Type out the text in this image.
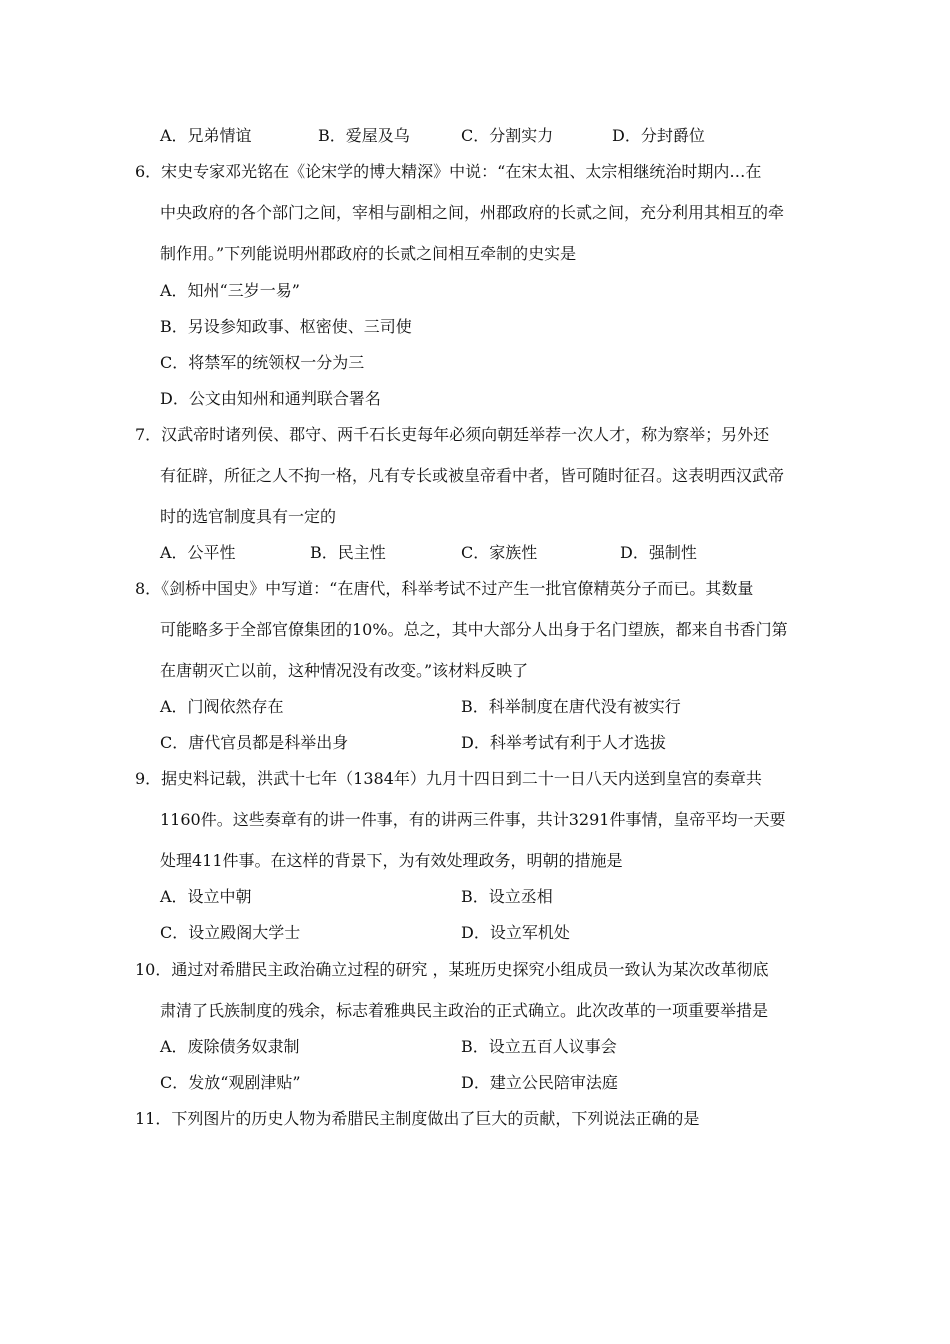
A．兄弟情谊	B．爱屋及乌	C．分割实力	D．分封爵位
6．宋史专家邓光铭在《论宋学的博大精深》中说：“在宋太祖、太宗相继统治时期内…在
中央政府的各个部门之间，宰相与副相之间，州郡政府的长贰之间，充分利用其相互的牵
制作用。”下列能说明州郡政府的长贰之间相互牵制的史实是
A．知州“三岁一易”
B．另设参知政事、枢密使、三司使
C．将禁军的统领权一分为三
D．公文由知州和通判联合署名
7．汉武帝时诸列侯、郡守、两千石长吏每年必须向朝廷举荐一次人才，称为察举；另外还
有征辟，所征之人不拘一格，凡有专长或被皇帝看中者，皆可随时征召。这表明西汉武帝
时的选官制度具有一定的
A．公平性	B．民主性	C．家族性	D．强制性
8．《剑桥中国史》中写道：“在唐代，科举考试不过产生一批官僚精英分子而已。其数量
可能略多于全部官僚集团的10%。总之，其中大部分人出身于名门望族，都来自书香门第
在唐朝灭亡以前，这种情况没有改变。”该材料反映了
A．门阀依然存在	B．科举制度在唐代没有被实行
C．唐代官员都是科举出身	D．科举考试有利于人才选拔
9．据史料记载，洪武十七年（1384年）九月十四日到二十一日八天内送到皇宫的奏章共
1160件。这些奏章有的讲一件事，有的讲两三件事，共计3291件事情，皇帝平均一天要
处理411件事。在这样的背景下，为有效处理政务，明朝的措施是
A．设立中朝	B．设立丞相
C．设立殿阁大学士	D．设立军机处
10．通过对希腊民主政治确立过程的研究 ，某班历史探究小组成员一致认为某次改革彻底
肃清了氏族制度的残余，标志着雅典民主政治的正式确立。此次改革的一项重要举措是
A．废除债务奴隶制	B．设立五百人议事会
C．发放“观剧津贴”	D．建立公民陪审法庭
11．下列图片的历史人物为希腊民主制度做出了巨大的贡献，下列说法正确的是
